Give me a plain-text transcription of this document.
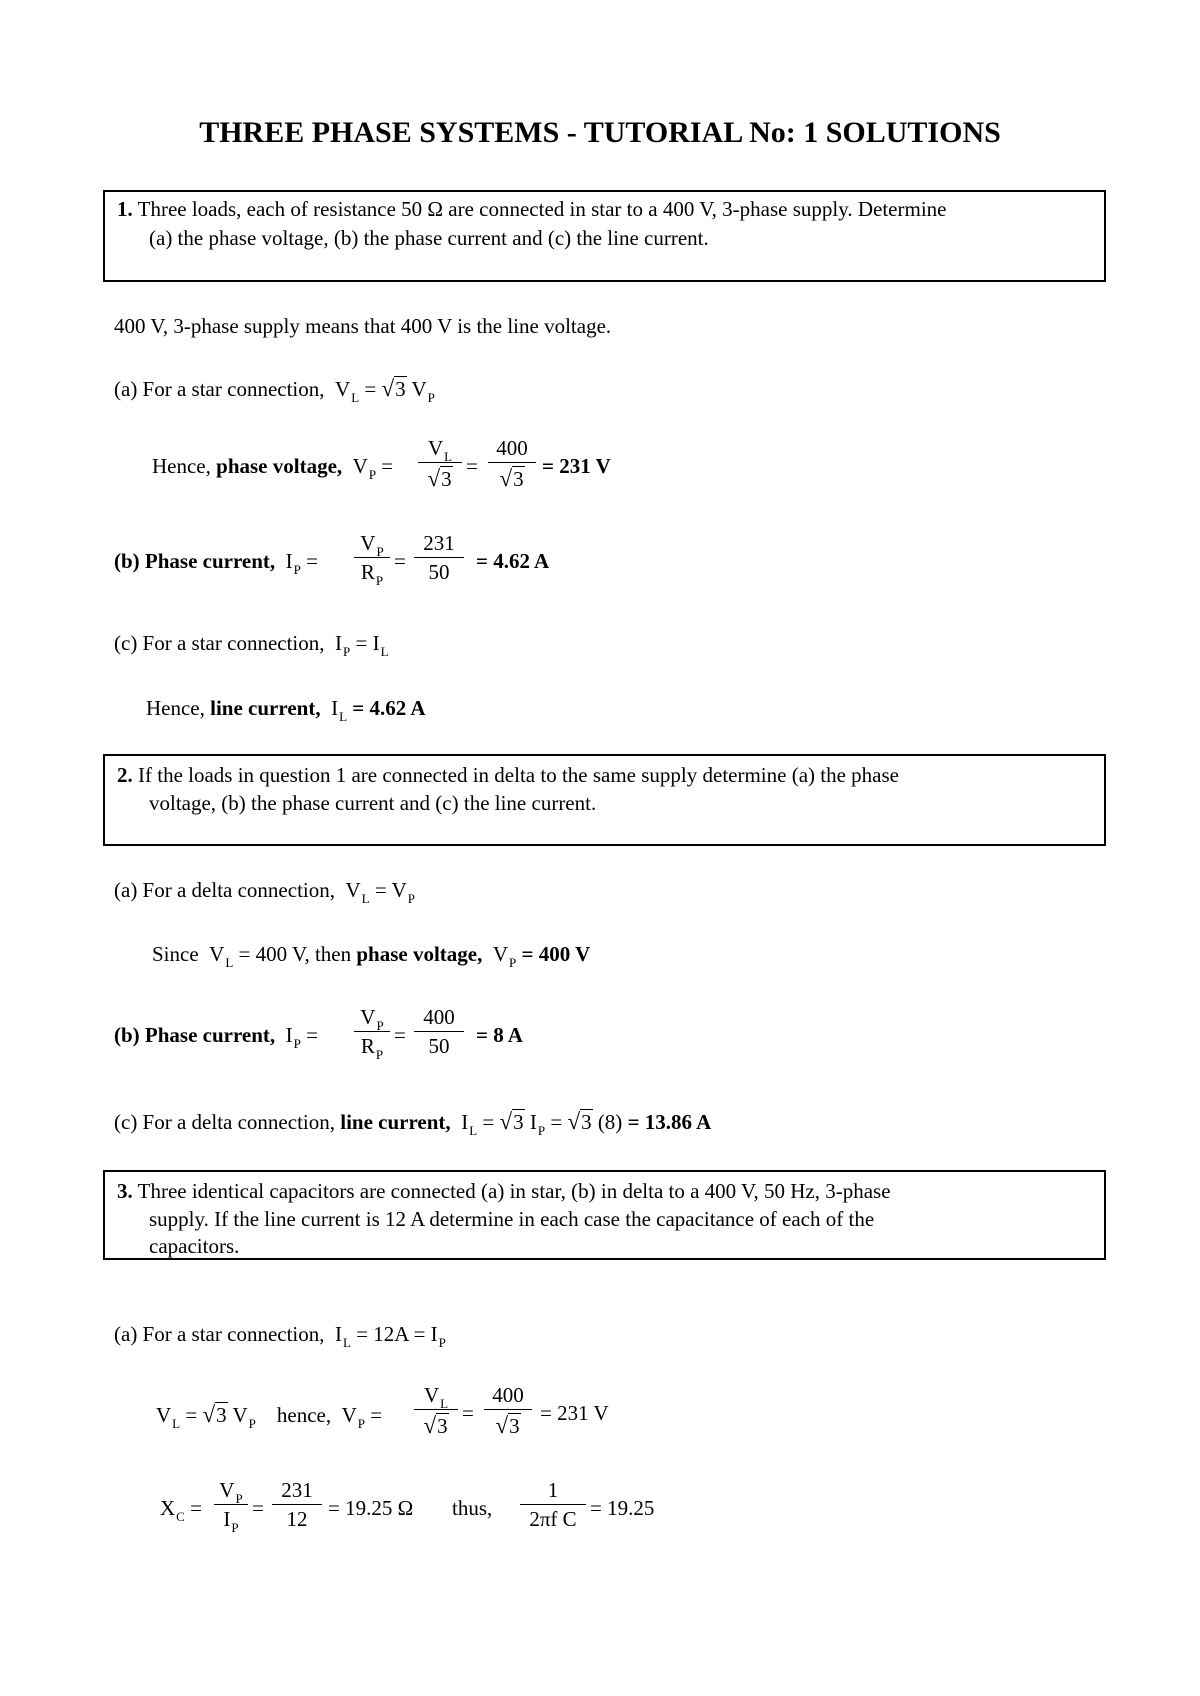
THREE PHASE SYSTEMS - TUTORIAL No: 1 SOLUTIONS
1. Three loads, each of resistance 50 Ω are connected in star to a 400 V, 3-phase supply. Determine
(a) the phase voltage, (b) the phase current and (c) the line current.
400 V, 3-phase supply means that 400 V is the line voltage.
(a) For a star connection,  $V_L = √3$ $V_P$
Hence, phase voltage,  $V_P$ =
$V_L$
√3
=
400
√3
= 231 V
(b) Phase current,  $I_P$ =
$V_P$
$R_P$
=
231
50	= 4.62 A
(c) For a star connection,  $I_P = I_L$
Hence, line current,  $I_L = 4.62$ A
2. If the loads in question 1 are connected in delta to the same supply determine (a) the phase
voltage, (b) the phase current and (c) the line current.
(a) For a delta connection,  $V_L = V_P$
Since  $V_L = 400$ V, then phase voltage,  $V_P = 400$ V
(b) Phase current,  $I_P$ =
$V_P$
$R_P$
=
400
50	= 8 A
(c) For a delta connection, line current,  $I_L = √3$ $I_P = √3$ (8) = 13.86 A
3. Three identical capacitors are connected (a) in star, (b) in delta to a 400 V, 50 Hz, 3-phase
supply. If the line current is 12 A determine in each case the capacitance of each of the
capacitors.
(a) For a star connection,  $I_L = 12A = I_P$
$V_L = √3$ $V_P$ hence,  $V_P$ =
$V_L$
√3
=
400
√3
= 231 V
$X_C$ =
$V_P$
$I_P$
=
231
12 = 19.25 Ω thus,
1
2πf C = 19.25
